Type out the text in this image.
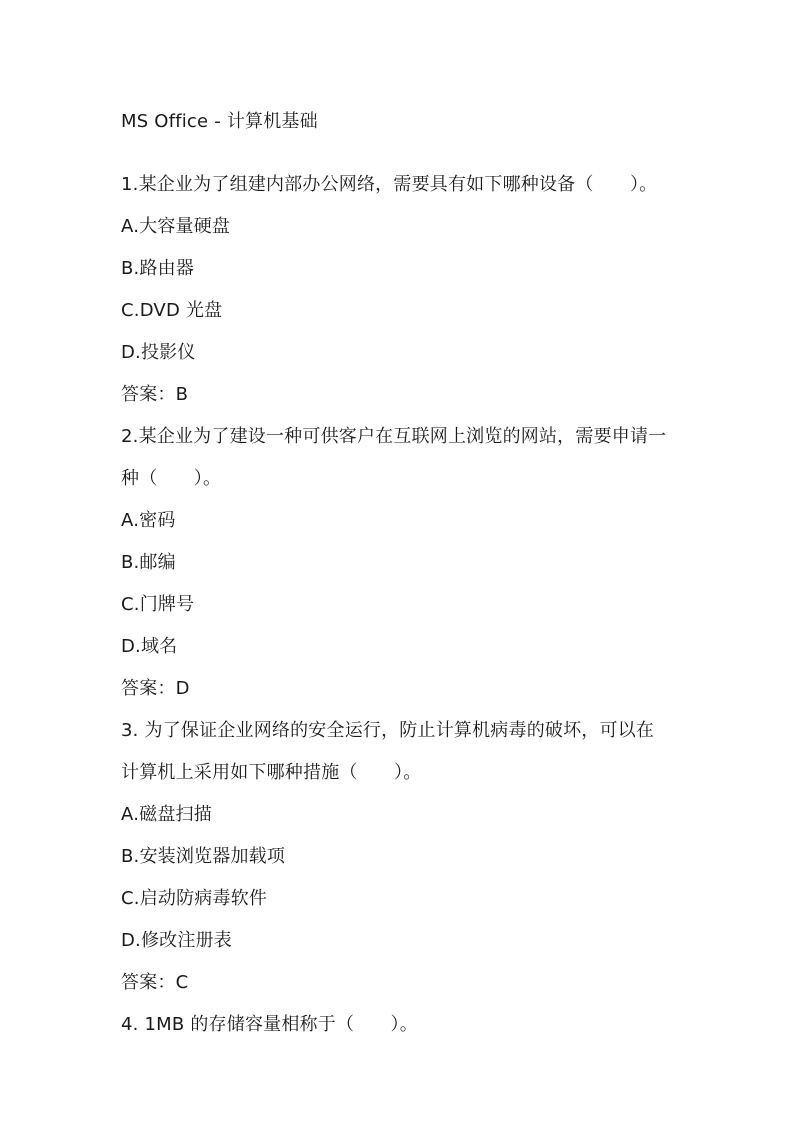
MS Office - 计算机基础
1.某企业为了组建内部办公网络，需要具有如下哪种设备（　　）。
A.大容量硬盘
B.路由器
C.DVD 光盘
D.投影仪
答案：B
2.某企业为了建设一种可供客户在互联网上浏览的网站，需要申请一
种（　　）。
A.密码
B.邮编
C.门牌号
D.域名
答案：D
3. 为了保证企业网络的安全运行，防止计算机病毒的破坏，可以在
计算机上采用如下哪种措施（　　）。
A.磁盘扫描
B.安装浏览器加载项
C.启动防病毒软件
D.修改注册表
答案：C
4. 1MB 的存储容量相称于（　　）。
